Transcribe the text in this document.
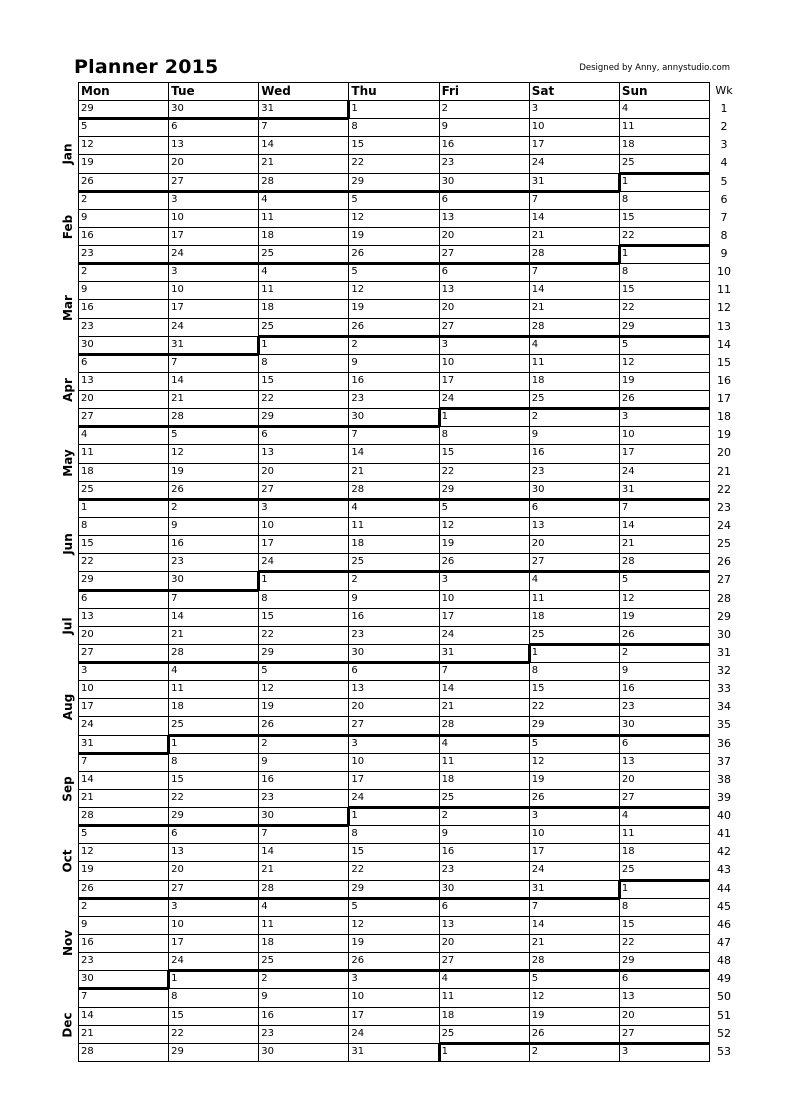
Planner 2015	Designed by Anny, annystudio.com
Wk
Mon	Tue	Wed	Thu	Fri	Sat	Sun
29	30	31	1	2	3	4	1
5	6	7	8	9	10	11	2
12	13	14	15	16	17	18	3
19	20	21	22	23	24	25	4
26	27	28	29	30	31	1	5
2	3	4	5	6	7	8	6
9	10	11	12	13	14	15	7
16	17	18	19	20	21	22	8
23	24	25	26	27	28	1	9
2	3	4	5	6	7	8	10
9	10	11	12	13	14	15	11
16	17	18	19	20	21	22	12
23	24	25	26	27	28	29	13
30	31	1	2	3	4	5	14
6	7	8	9	10	11	12	15
13	14	15	16	17	18	19	16
20	21	22	23	24	25	26	17
27	28	29	30	1	2	3	18
4	5	6	7	8	9	10	19
11	12	13	14	15	16	17	20
18	19	20	21	22	23	24	21
25	26	27	28	29	30	31	22
1	2	3	4	5	6	7	23
8	9	10	11	12	13	14	24
15	16	17	18	19	20	21	25
22	23	24	25	26	27	28	26
29	30	1	2	3	4	5	27
6	7	8	9	10	11	12	28
13	14	15	16	17	18	19	29
20	21	22	23	24	25	26	30
27	28	29	30	31	1	2	31
3	4	5	6	7	8	9	32
10	11	12	13	14	15	16	33
17	18	19	20	21	22	23	34
24	25	26	27	28	29	30	35
31	1	2	3	4	5	6	36
7	8	9	10	11	12	13	37
14	15	16	17	18	19	20	38
21	22	23	24	25	26	27	39
28	29	30	1	2	3	4	40
5	6	7	8	9	10	11	41
12	13	14	15	16	17	18	42
19	20	21	22	23	24	25	43
26	27	28	29	30	31	1	44
2	3	4	5	6	7	8	45
9	10	11	12	13	14	15	46
16	17	18	19	20	21	22	47
23	24	25	26	27	28	29	48
30	1	2	3	4	5	6	49
7	8	9	10	11	12	13	50
14	15	16	17	18	19	20	51
21	22	23	24	25	26	27	52
28	29	30	31	1	2	3	53
Jan
Feb
Mar
Apr
May
Jun
Jul
Aug
Sep
Oct
Nov
Dec
